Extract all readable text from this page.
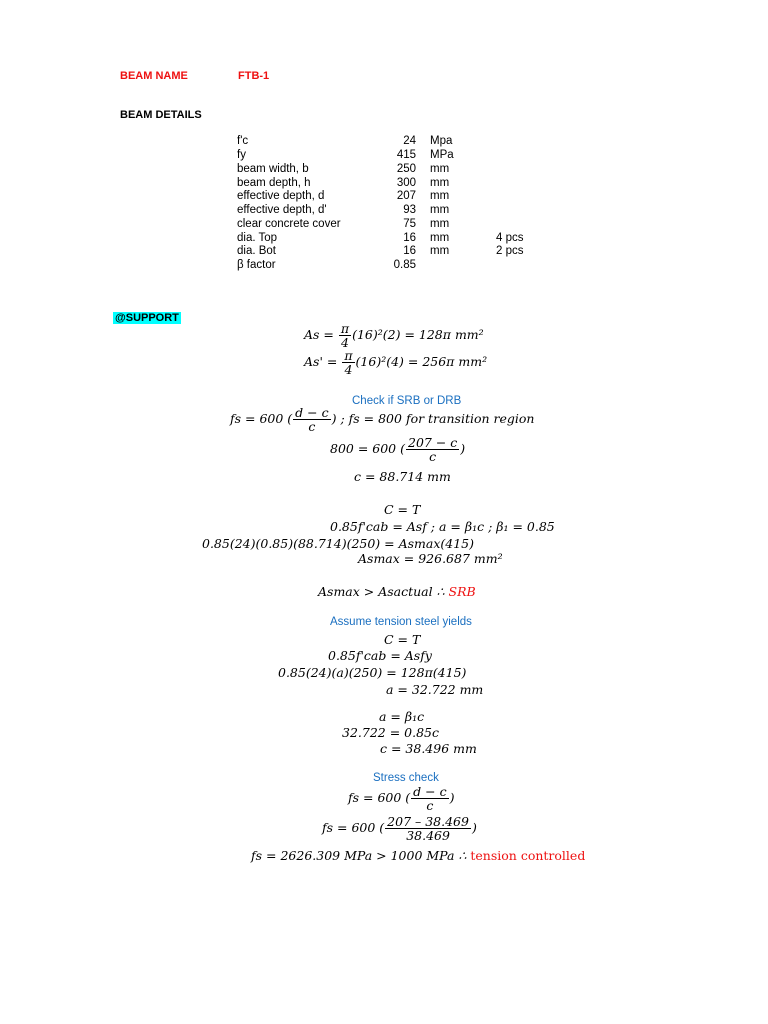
BEAM NAME	FTB-1
BEAM DETAILS
f'c	24 Mpa
fy	415 MPa
beam width, b	250 mm
beam depth, h	300 mm
effective depth, d	207 mm
effective depth, d'	93 mm
clear concrete cover	75 mm
dia. Top	16 mm	4 pcs
dia. Bot	16 mm	2 pcs
β factor	0.85
@SUPPORT
$As = \frac{\pi}{4} (16)^2(2) = 128\pi$ mm²
$As' = \frac{\pi}{4} (16)^2(4) = 256\pi$ mm²
Check if SRB or DRB
fs = 600 ( $\frac{d - c}{c}$ ) ; fs = 800 for transition region
800 = 600 ( $\frac{207 - c}{c}$ )
c = 88.714 mm
C = T
0.85f'cab = Asf ; a = β₁c ; β₁ = 0.85
0.85(24)(0.85)(88.714)(250) = Asmax(415)
Asmax = 926.687 mm²
Asmax > Asactual ∴ SRB
Assume tension steel yields
C = T
0.85f'cab = Asfy
0.85(24)(a)(250) = 128π(415)
a = 32.722 mm
a = β₁c
32.722 = 0.85c
c = 38.496 mm
Stress check
fs = 600 ( $\frac{d - c}{c}$ )
fs = 600 ( $\frac{207 - 38.469}{38.469}$ )
fs = 2626.309 MPa > 1000 MPa ∴ tension controlled
